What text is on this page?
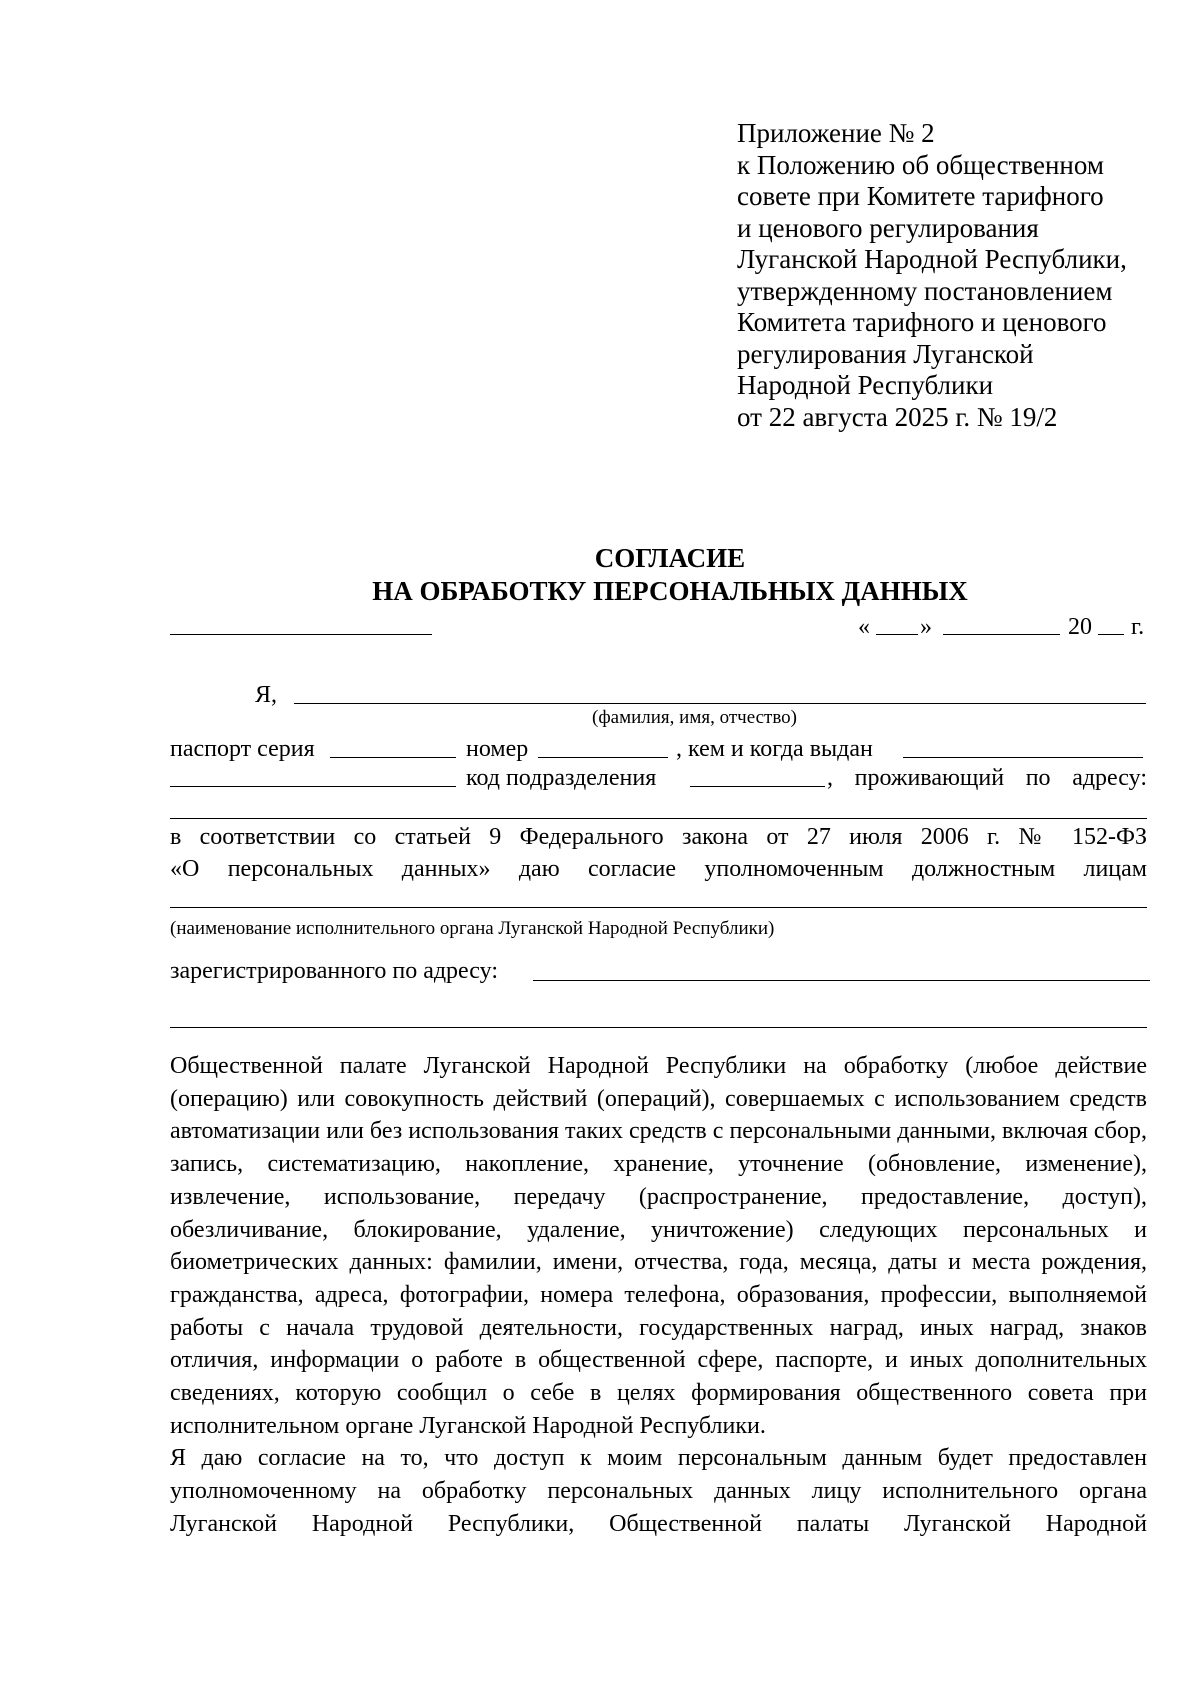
Приложение № 2
к Положению об общественном
совете при Комитете тарифного
и ценового регулирования
Луганской Народной Республики,
утвержденному постановлением
Комитета тарифного и ценового
регулирования Луганской
Народной Республики
от 22 августа 2025 г. № 19/2
СОГЛАСИЕ
НА ОБРАБОТКУ ПЕРСОНАЛЬНЫХ ДАННЫХ
« »	20 г.
Я,
(фамилия, имя, отчество)
паспорт серия	номер	, кем и когда выдан
код подразделения	, проживающий по адресу:
в соответствии со статьей 9 Федерального закона от 27 июля 2006 г. № 152-ФЗ
«О персональных данных» даю согласие уполномоченным должностным лицам
(наименование исполнительного органа Луганской Народной Республики)
зарегистрированного по адресу:

Общественной палате Луганской Народной Республики на обработку (любое действие (операцию) или совокупность действий (операций), совершаемых с использованием средств автоматизации или без использования таких средств с персональными данными, включая сбор, запись, систематизацию, накопление, хранение, уточнение (обновление, изменение), извлечение, использование, передачу (распространение, предоставление, доступ), обезличивание, блокирование, удаление, уничтожение) следующих персональных и биометрических данных: фамилии, имени, отчества, года, месяца, даты и места рождения, гражданства, адреса, фотографии, номера телефона, образования, профессии, выполняемой работы с начала трудовой деятельности, государственных наград, иных наград, знаков отличия, информации о работе в общественной сфере, паспорте, и иных дополнительных сведениях, которую сообщил о себе в целях формирования общественного совета при исполнительном органе Луганской Народной Республики.

Я даю согласие на то, что доступ к моим персональным данным будет предоставлен уполномоченному на обработку персональных данных лицу исполнительного органа Луганской Народной Республики, Общественной палаты Луганской Народной
